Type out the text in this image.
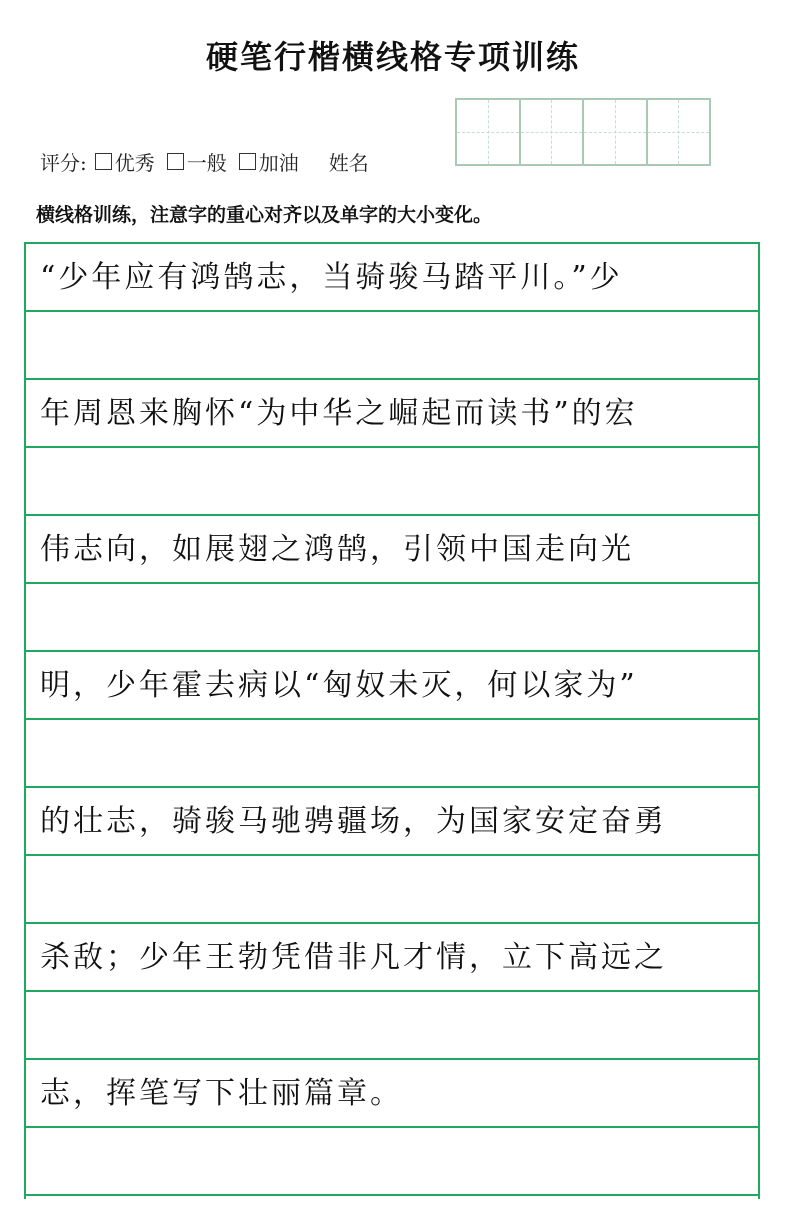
硬笔行楷横线格专项训练
评分: 优秀 一般 加油 姓名
横线格训练，注意字的重心对齐以及单字的大小变化。
“少年应有鸿鹄志，当骑骏马踏平川。”少
年周恩来胸怀“为中华之崛起而读书”的宏
伟志向，如展翅之鸿鹄，引领中国走向光
明，少年霍去病以“匈奴未灭，何以家为”
的壮志，骑骏马驰骋疆场，为国家安定奋勇
杀敌；少年王勃凭借非凡才情，立下高远之
志，挥笔写下壮丽篇章。
